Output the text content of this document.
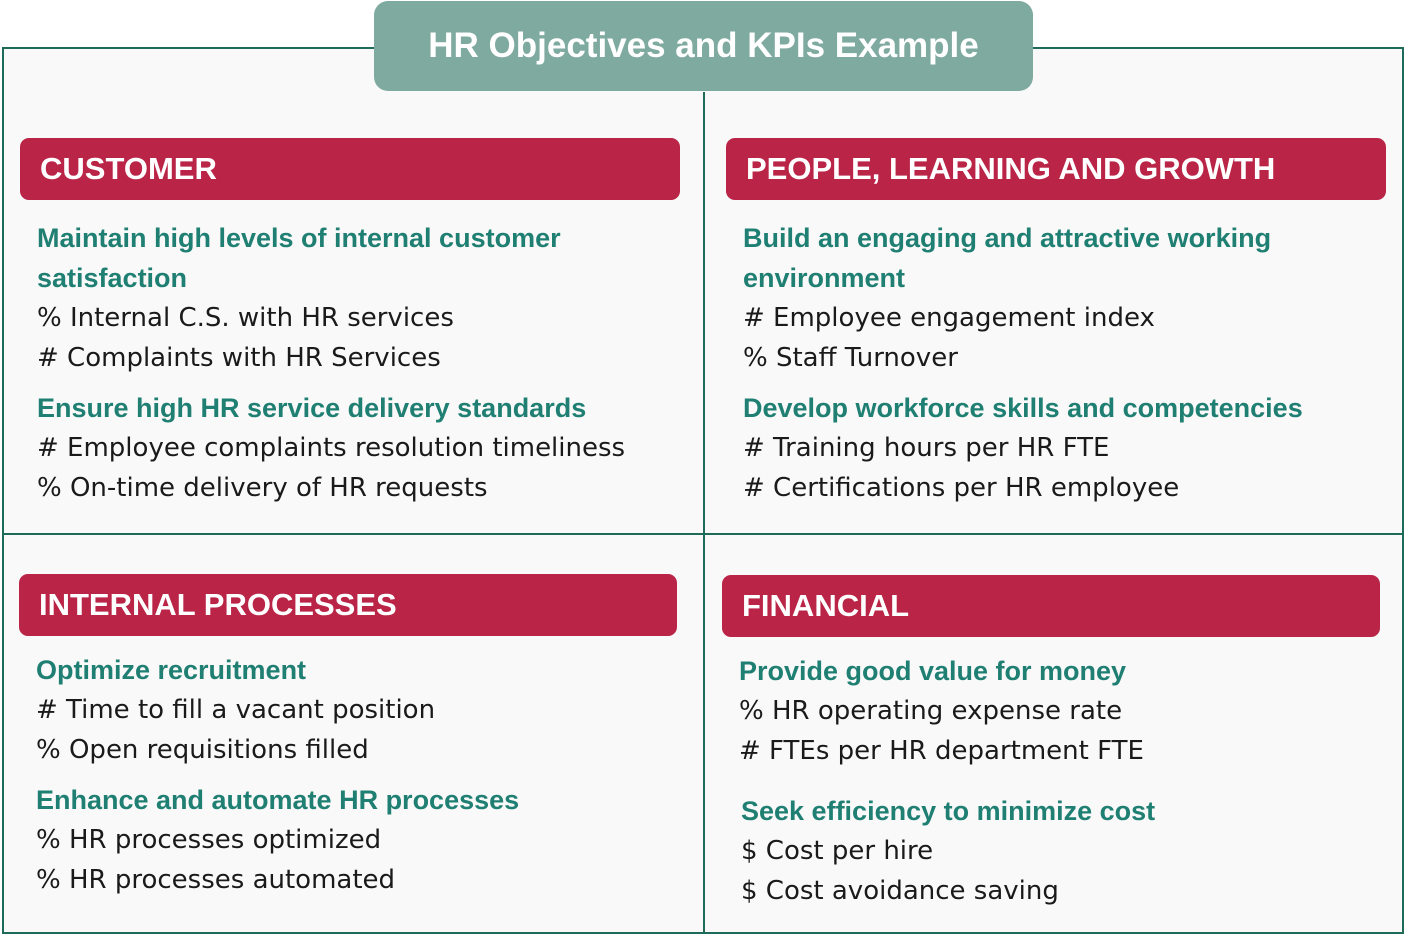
HR Objectives and KPIs Example
CUSTOMER
Maintain high levels of internal customer satisfaction
% Internal C.S. with HR services
# Complaints with HR Services
Ensure high HR service delivery standards
# Employee complaints resolution timeliness
% On-time delivery of HR requests
PEOPLE, LEARNING AND GROWTH
Build an engaging and attractive working environment
# Employee engagement index
% Staff Turnover
Develop workforce skills and competencies
# Training hours per HR FTE
# Certifications per HR employee
INTERNAL PROCESSES
Optimize recruitment
# Time to fill a vacant position
% Open requisitions filled
Enhance and automate HR processes
% HR processes optimized
% HR processes automated
FINANCIAL
Provide good value for money
% HR operating expense rate
# FTEs per HR department FTE
Seek efficiency to minimize cost
$ Cost per hire
$ Cost avoidance saving
